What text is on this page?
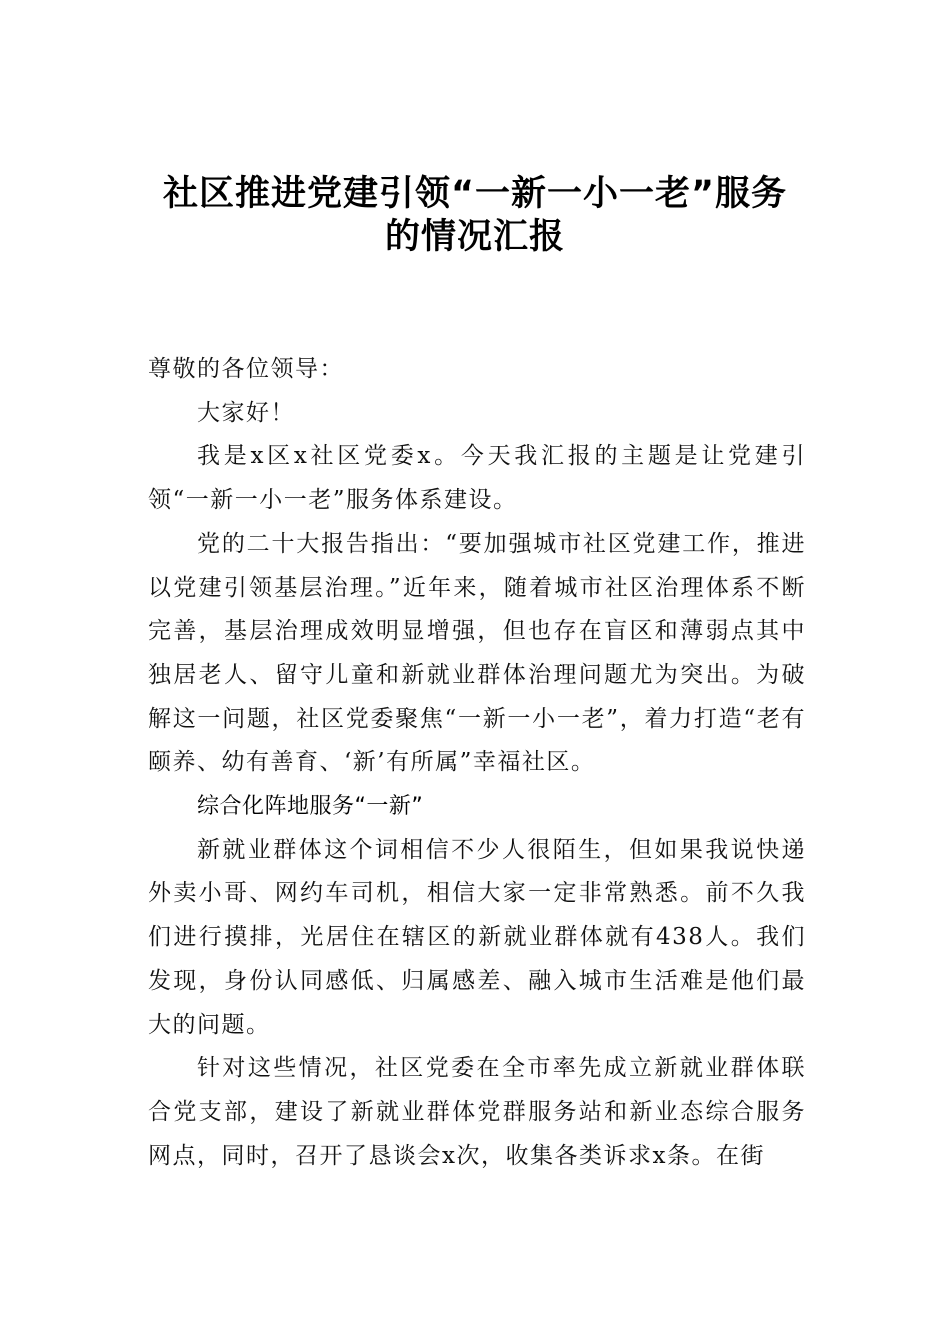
社区推进党建引领“一新一小一老”服务
的情况汇报

尊敬的各位领导：

大家好！

我是x区x社区党委x。今天我汇报的主题是让党建引领“一新一小一老”服务体系建设。

党的二十大报告指出：“要加强城市社区党建工作，推进以党建引领基层治理。”近年来，随着城市社区治理体系不断完善，基层治理成效明显增强，但也存在盲区和薄弱点其中独居老人、留守儿童和新就业群体治理问题尤为突出。为破解这一问题，社区党委聚焦“一新一小一老”，着力打造“老有颐养、幼有善育、‘新’有所属”幸福社区。

综合化阵地服务“一新”

新就业群体这个词相信不少人很陌生，但如果我说快递外卖小哥、网约车司机，相信大家一定非常熟悉。前不久我们进行摸排，光居住在辖区的新就业群体就有438人。我们发现，身份认同感低、归属感差、融入城市生活难是他们最大的问题。

针对这些情况，社区党委在全市率先成立新就业群体联合党支部，建设了新就业群体党群服务站和新业态综合服务网点，同时，召开了恳谈会x次，收集各类诉求x条。在街
